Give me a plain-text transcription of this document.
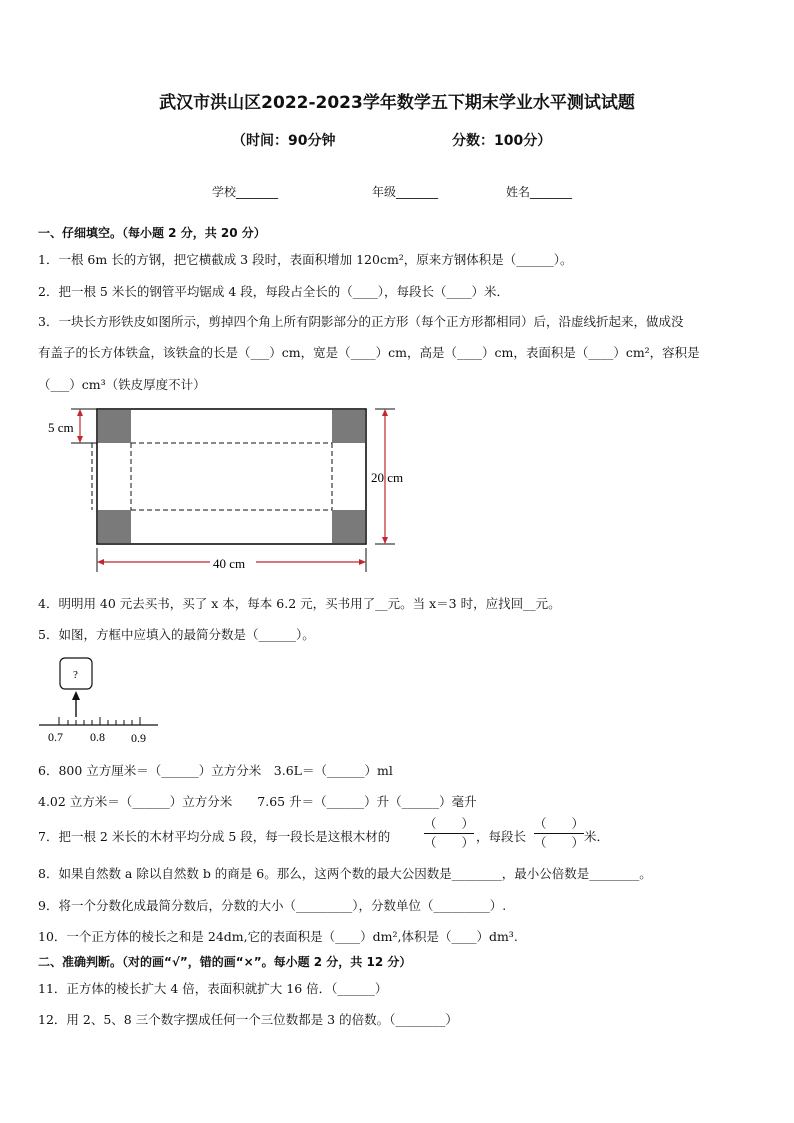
武汉市洪山区2022-2023学年数学五下期末学业水平测试试题
（时间：90分钟	分数：100分）
学校_______	年级_______	姓名_______
一、仔细填空。（每小题 2 分，共 20 分）
1．一根 6m 长的方钢，把它横截成 3 段时，表面积增加 120cm²，原来方钢体积是（______）。
2．把一根 5 米长的钢管平均锯成 4 段，每段占全长的（____），每段长（____）米．
3．一块长方形铁皮如图所示，剪掉四个角上所有阴影部分的正方形（每个正方形都相同）后，沿虚线折起来，做成没
有盖子的长方体铁盒，该铁盒的长是（___）cm，宽是（____）cm，高是（____）cm，表面积是（____）cm²，容积是
（___）cm³（铁皮厚度不计）
5 cm
20 cm
40 cm
4．明明用 40 元去买书，买了 x 本，每本 6.2 元，买书用了__元。当 x＝3 时，应找回__元。
5．如图，方框中应填入的最简分数是（______）。
?
0.7 0.8 0.9
6．800 立方厘米＝（______）立方分米　3.6L＝（______）ml
4.02 立方米＝（______）立方分米　　7.65 升＝（______）升（______）毫升
7．把一根 2 米长的木材平均分成 5 段，每一段长是这根木材的
（　　）
（　　） ，每段长
（　　）
（　　） 米．
8．如果自然数 a 除以自然数 b 的商是 6。那么，这两个数的最大公因数是________，最小公倍数是________。
9．将一个分数化成最简分数后，分数的大小（_________），分数单位（_________）.
10．一个正方体的棱长之和是 24dm,它的表面积是（____）dm²,体积是（____）dm³.
二、准确判断。（对的画“√”，错的画“×”。每小题 2 分，共 12 分）
11．正方体的棱长扩大 4 倍，表面积就扩大 16 倍．（______）
12．用 2、5、8 三个数字摆成任何一个三位数都是 3 的倍数。（________）
